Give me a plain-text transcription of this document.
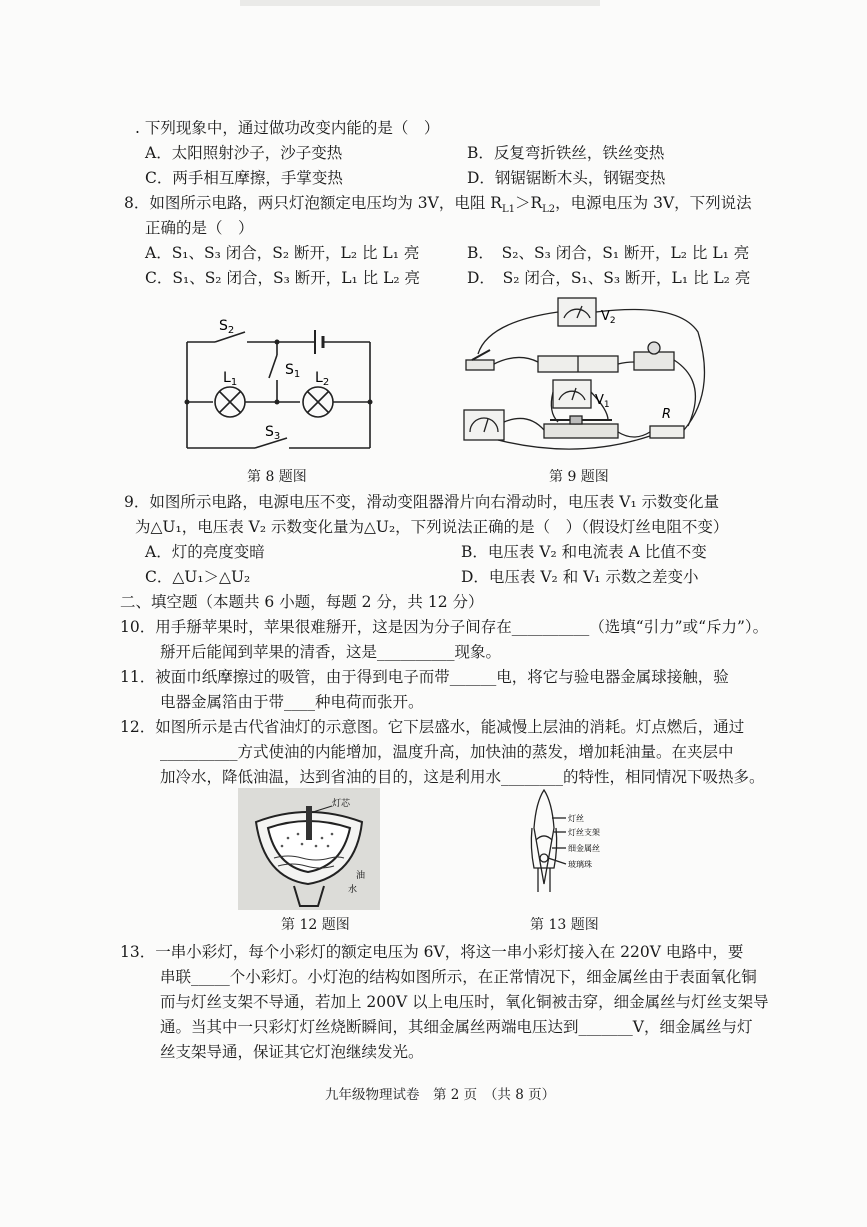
. 下列现象中，通过做功改变内能的是（　）
A．太阳照射沙子，沙子变热	B．反复弯折铁丝，铁丝变热
C．两手相互摩擦，手掌变热	D．钢锯锯断木头，钢锯变热
8．如图所示电路，两只灯泡额定电压均为 3V，电阻 $R_{L1}>R_{L2}$，电源电压为 3V，下列说法
正确的是（　）
A．S₁、S₃ 闭合，S₂ 断开，L₂ 比 L₁ 亮	B．　S₂、S₃ 闭合，S₁ 断开，L₂ 比 L₁ 亮
C．S₁、S₂ 闭合，S₃ 断开，L₁ 比 L₂ 亮	D．　S₂ 闭合，S₁、S₃ 断开，L₁ 比 L₂ 亮
$S_2$
$S_1$
$L_1$	$L_2$
$S_3$
第 8 题图
$V_2$
$V_1$
R
第 9 题图
9．如图所示电路，电源电压不变，滑动变阻器滑片向右滑动时，电压表 V₁ 示数变化量
为△U₁，电压表 V₂ 示数变化量为△U₂，下列说法正确的是（　）（假设灯丝电阻不变）
A．灯的亮度变暗	B．电压表 V₂ 和电流表 A 比值不变
C．△U₁＞△U₂	D．电压表 V₂ 和 V₁ 示数之差变小
二、填空题（本题共 6 小题，每题 2 分，共 12 分）
10．用手掰苹果时，苹果很难掰开，这是因为分子间存在__________（选填“引力”或“斥力”）。
掰开后能闻到苹果的清香，这是__________现象。
11．被面巾纸摩擦过的吸管，由于得到电子而带______电，将它与验电器金属球接触，验
电器金属箔由于带____种电荷而张开。
12．如图所示是古代省油灯的示意图。它下层盛水，能减慢上层油的消耗。灯点燃后，通过
__________方式使油的内能增加，温度升高，加快油的蒸发，增加耗油量。在夹层中
加冷水，降低油温，达到省油的目的，这是利用水________的特性，相同情况下吸热多。
灯芯
油
水
第 12 题图
灯丝
灯丝支架
细金属丝
玻璃珠
第 13 题图
13．一串小彩灯，每个小彩灯的额定电压为 6V，将这一串小彩灯接入在 220V 电路中，要
串联_____个小彩灯。小灯泡的结构如图所示，在正常情况下，细金属丝由于表面氧化铜
而与灯丝支架不导通，若加上 200V 以上电压时，氧化铜被击穿，细金属丝与灯丝支架导
通。当其中一只彩灯灯丝烧断瞬间，其细金属丝两端电压达到_______V，细金属丝与灯
丝支架导通，保证其它灯泡继续发光。
九年级物理试卷　第 2 页　（共 8 页）
